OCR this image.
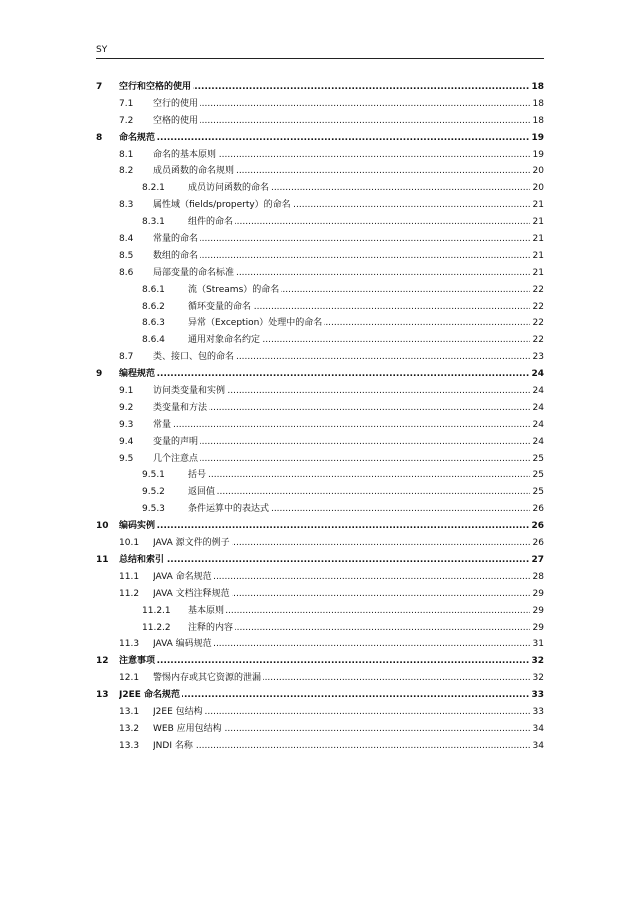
SY
7 空行和空格的使用 .....	18
7.1 空行的使用 .....	18
7.2 空格的使用 .....	18
8 命名规范 .....	19
8.1 命名的基本原则 .....	19
8.2 成员函数的命名规则 .....	20
8.2.1	成员访问函数的命名 .....	20
8.3 属性域（fields/property）的命名 .....	21
8.3.1	组件的命名 .....	21
8.4 常量的命名 .....	21
8.5 数组的命名 .....	21
8.6 局部变量的命名标准 .....	21
8.6.1	流（Streams）的命名 .....	22
8.6.2	循环变量的命名 .....	22
8.6.3	异常（Exception）处理中的命名 .....	22
8.6.4	通用对象命名约定 .....	22
8.7 类、接口、包的命名 .....	23
9 编程规范 .....	24
9.1 访问类变量和实例 .....	24
9.2 类变量和方法 .....	24
9.3 常量 .....	24
9.4 变量的声明 .....	24
9.5 几个注意点 .....	25
9.5.1	括号 .....	25
9.5.2	返回值 .....	25
9.5.3	条件运算中的表达式 .....	26
10 编码实例 .....	26
10.1 JAVA 源文件的例子 .....	26
11 总结和索引 .....	27
11.1 JAVA 命名规范 .....	28
11.2 JAVA 文档注释规范 .....	29
11.2.1 基本原则 .....	29
11.2.2 注释的内容 .....	29
11.3 JAVA 编码规范 .....	31
12 注意事项 .....	32
12.1 警惕内存或其它资源的泄漏 .....	32
13 J2EE 命名规范 .....	33
13.1 J2EE 包结构 .....	33
13.2 WEB 应用包结构 .....	34
13.3 JNDI 名称 .....	34
